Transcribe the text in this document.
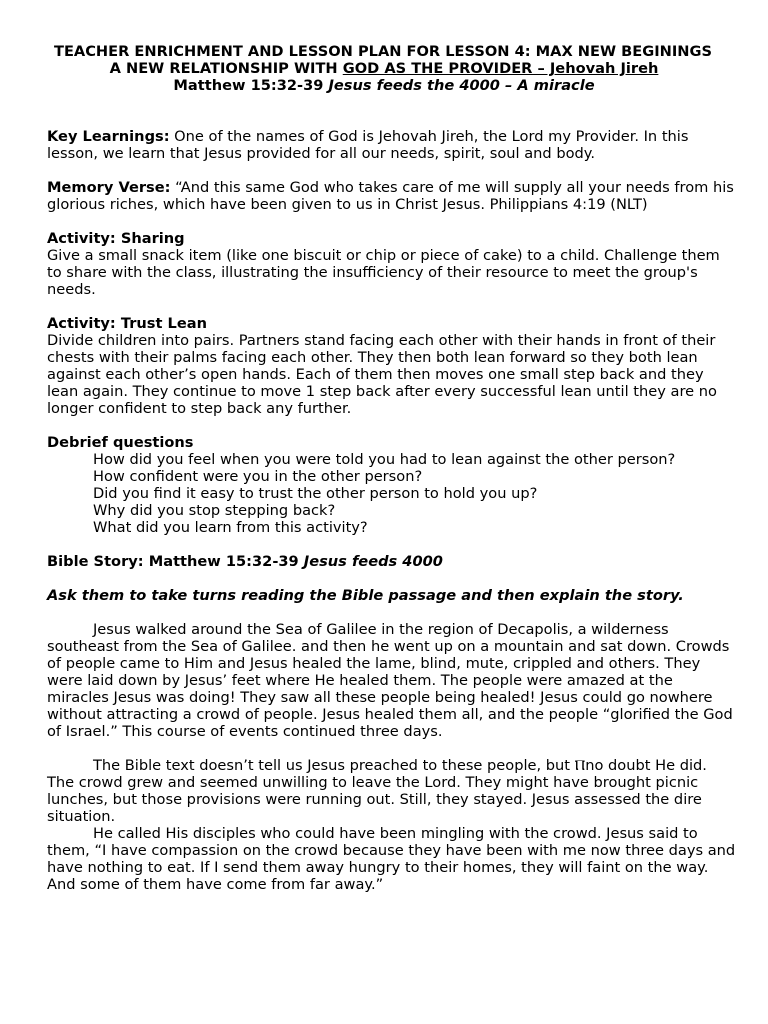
TEACHER ENRICHMENT AND LESSON PLAN FOR LESSON 4: MAX NEW BEGININGS
A NEW RELATIONSHIP WITH GOD AS THE PROVIDER – Jehovah Jireh
Matthew 15:32-39 Jesus feeds the 4000 – A miracle

Key Learnings: One of the names of God is Jehovah Jireh, the Lord my Provider. In this lesson, we learn that Jesus provided for all our needs, spirit, soul and body.

Memory Verse: “And this same God who takes care of me will supply all your needs from his glorious riches, which have been given to us in Christ Jesus. Philippians 4:19 (NLT)

Activity: Sharing

Give a small snack item (like one biscuit or chip or piece of cake) to a child. Challenge them to share with the class, illustrating the insufficiency of their resource to meet the group's needs.

Activity: Trust Lean

Divide children into pairs. Partners stand facing each other with their hands in front of their chests with their palms facing each other. They then both lean forward so they both lean against each other’s open hands. Each of them then moves one small step back and they lean again. They continue to move 1 step back after every successful lean until they are no longer confident to step back any further.

Debrief questions

How did you feel when you were told you had to lean against the other person?

How confident were you in the other person?

Did you find it easy to trust the other person to hold you up?

Why did you stop stepping back?

What did you learn from this activity?

Bible Story: Matthew 15:32-39 Jesus feeds 4000

Ask them to take turns reading the Bible passage and then explain the story.

Jesus walked around the Sea of Galilee in the region of Decapolis, a wilderness southeast from the Sea of Galilee. and then he went up on a mountain and sat down. Crowds of people came to Him and Jesus healed the lame, blind, mute, crippled and others. They were laid down by Jesus’ feet where He healed them. The people were amazed at the miracles Jesus was doing! They saw all these people being healed! Jesus could go nowhere without attracting a crowd of people. Jesus healed them all, and the people “glorified the God of Israel.” This course of events continued three days.

The Bible text doesn’t tell us Jesus preached to these people, but Ⲡno doubt He did. The crowd grew and seemed unwilling to leave the Lord. They might have brought picnic lunches, but those provisions were running out. Still, they stayed. Jesus assessed the dire situation.

He called His disciples who could have been mingling with the crowd. Jesus said to them, “I have compassion on the crowd because they have been with me now three days and have nothing to eat. If I send them away hungry to their homes, they will faint on the way. And some of them have come from far away.”
